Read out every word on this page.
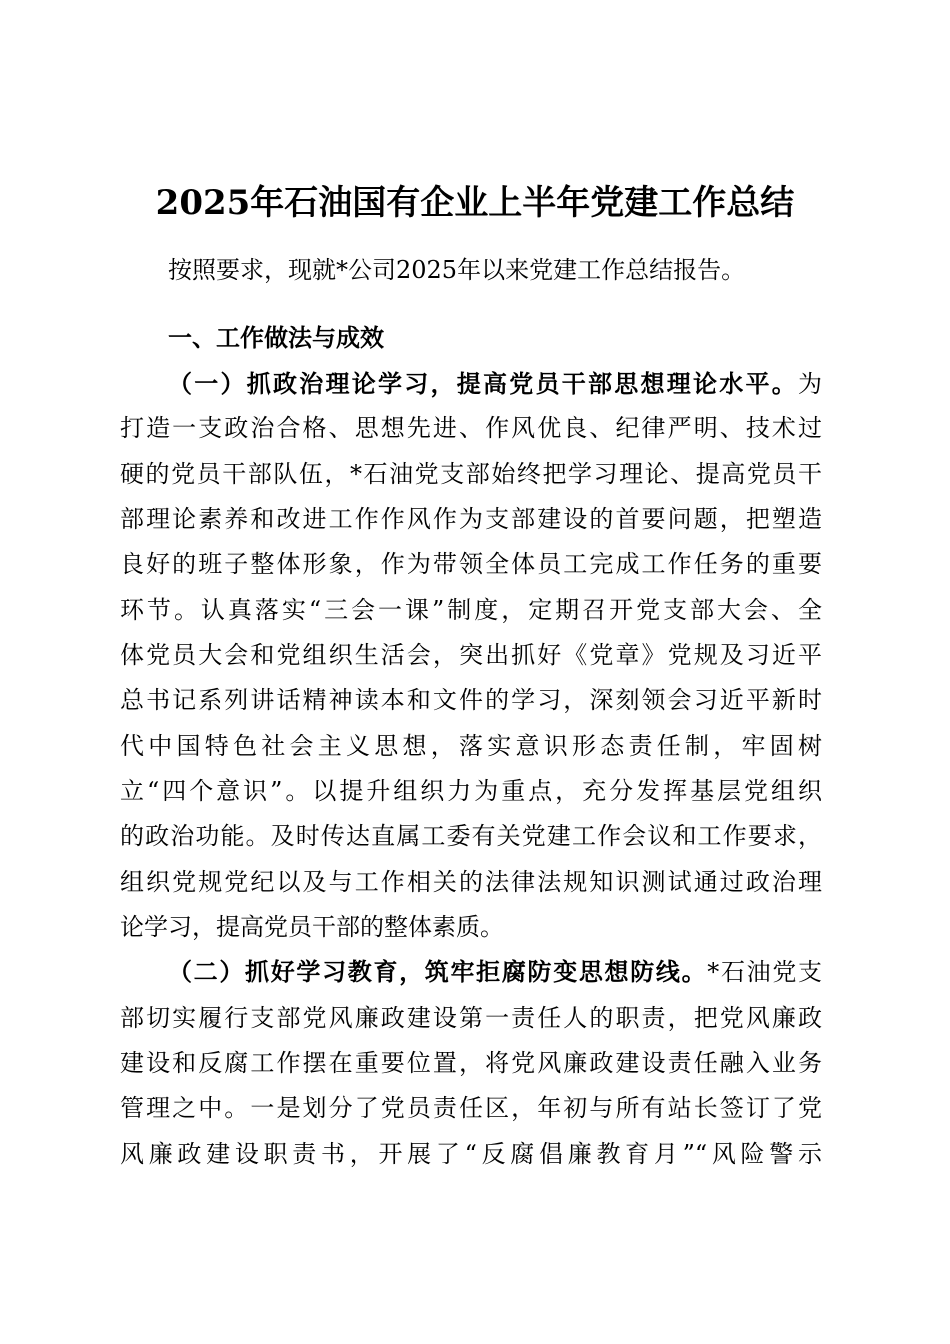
2025年石油国有企业上半年党建工作总结
按照要求，现就*公司2025年以来党建工作总结报告。
一、工作做法与成效
（一）抓政治理论学习，提高党员干部思想理论水平。为
打造一支政治合格、思想先进、作风优良、纪律严明、技术过
硬的党员干部队伍，*石油党支部始终把学习理论、提高党员干
部理论素养和改进工作作风作为支部建设的首要问题，把塑造
良好的班子整体形象，作为带领全体员工完成工作任务的重要
环节。认真落实“三会一课”制度，定期召开党支部大会、全
体党员大会和党组织生活会，突出抓好《党章》党规及习近平
总书记系列讲话精神读本和文件的学习，深刻领会习近平新时
代中国特色社会主义思想，落实意识形态责任制，牢固树
立“四个意识”。以提升组织力为重点，充分发挥基层党组织
的政治功能。及时传达直属工委有关党建工作会议和工作要求，
组织党规党纪以及与工作相关的法律法规知识测试通过政治理
论学习，提高党员干部的整体素质。
（二）抓好学习教育，筑牢拒腐防变思想防线。*石油党支
部切实履行支部党风廉政建设第一责任人的职责，把党风廉政
建设和反腐工作摆在重要位置，将党风廉政建设责任融入业务
管理之中。一是划分了党员责任区，年初与所有站长签订了党
风廉政建设职责书，开展了“反腐倡廉教育月”“风险警示
